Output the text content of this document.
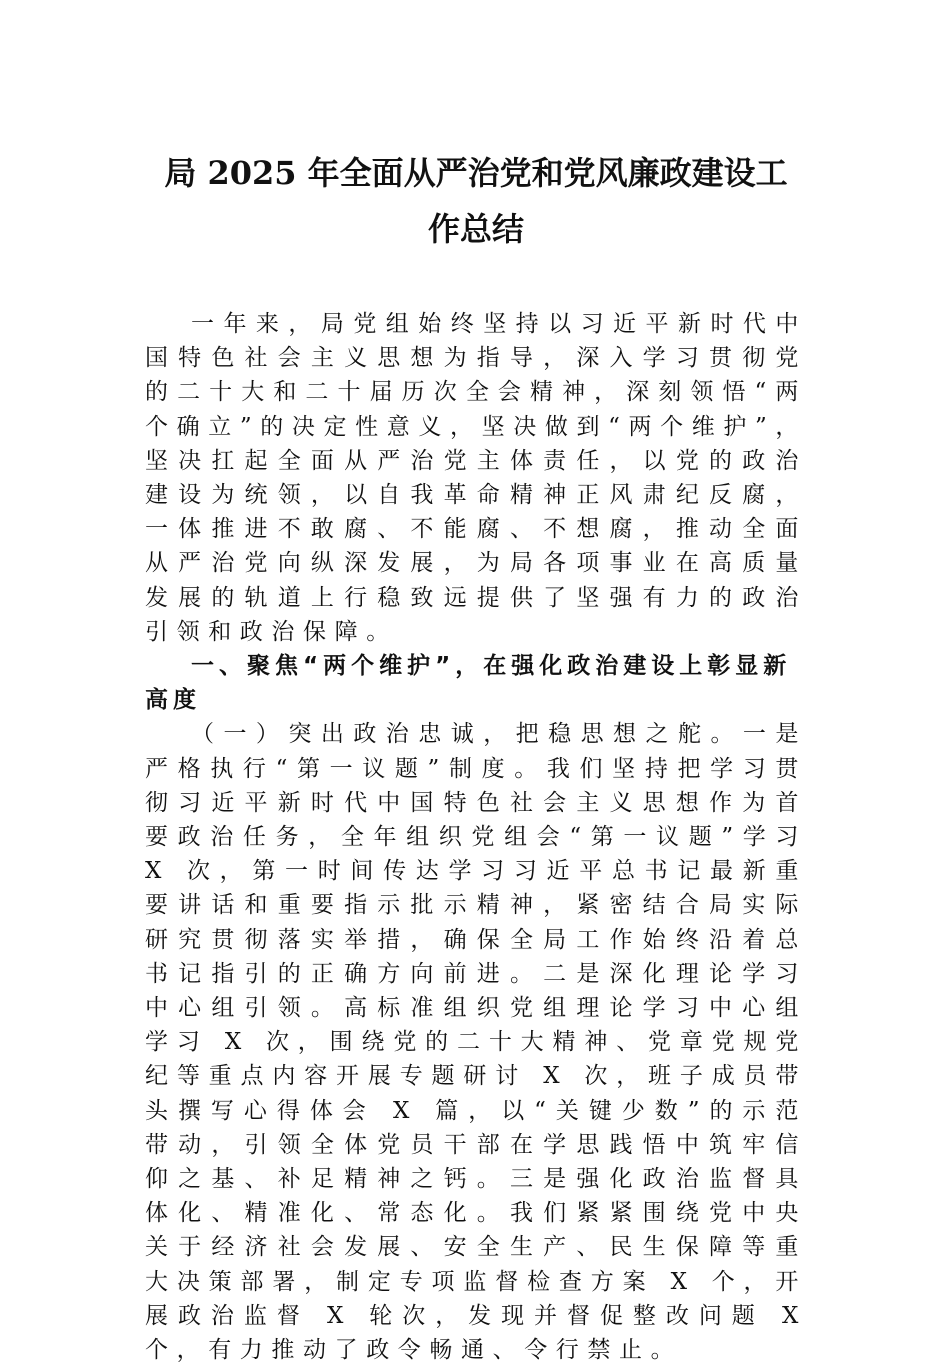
局 2025 年全面从严治党和党风廉政建设工
作总结

一年来，局党组始终坚持以习近平新时代中国特色社会主义思想为指导，深入学习贯彻党的二十大和二十届历次全会精神，深刻领悟“两个确立”的决定性意义，坚决做到“两个维护”，坚决扛起全面从严治党主体责任，以党的政治建设为统领，以自我革命精神正风肃纪反腐，一体推进不敢腐、不能腐、不想腐，推动全面从严治党向纵深发展，为局各项事业在高质量发展的轨道上行稳致远提供了坚强有力的政治引领和政治保障。

一、聚焦“两个维护”，在强化政治建设上彰显新高度

（一）突出政治忠诚，把稳思想之舵。一是严格执行“第一议题”制度。我们坚持把学习贯彻习近平新时代中国特色社会主义思想作为首要政治任务，全年组织党组会“第一议题”学习 X 次，第一时间传达学习习近平总书记最新重要讲话和重要指示批示精神，紧密结合局实际研究贯彻落实举措，确保全局工作始终沿着总书记指引的正确方向前进。二是深化理论学习中心组引领。高标准组织党组理论学习中心组学习 X 次，围绕党的二十大精神、党章党规党纪等重点内容开展专题研讨 X 次，班子成员带头撰写心得体会 X 篇，以“关键少数”的示范带动，引领全体党员干部在学思践悟中筑牢信仰之基、补足精神之钙。三是强化政治监督具体化、精准化、常态化。我们紧紧围绕党中央关于经济社会发展、安全生产、民生保障等重大决策部署，制定专项监督检查方案 X 个，开展政治监督 X 轮次，发现并督促整改问题 X 个，有力推动了政令畅通、令行禁止。
